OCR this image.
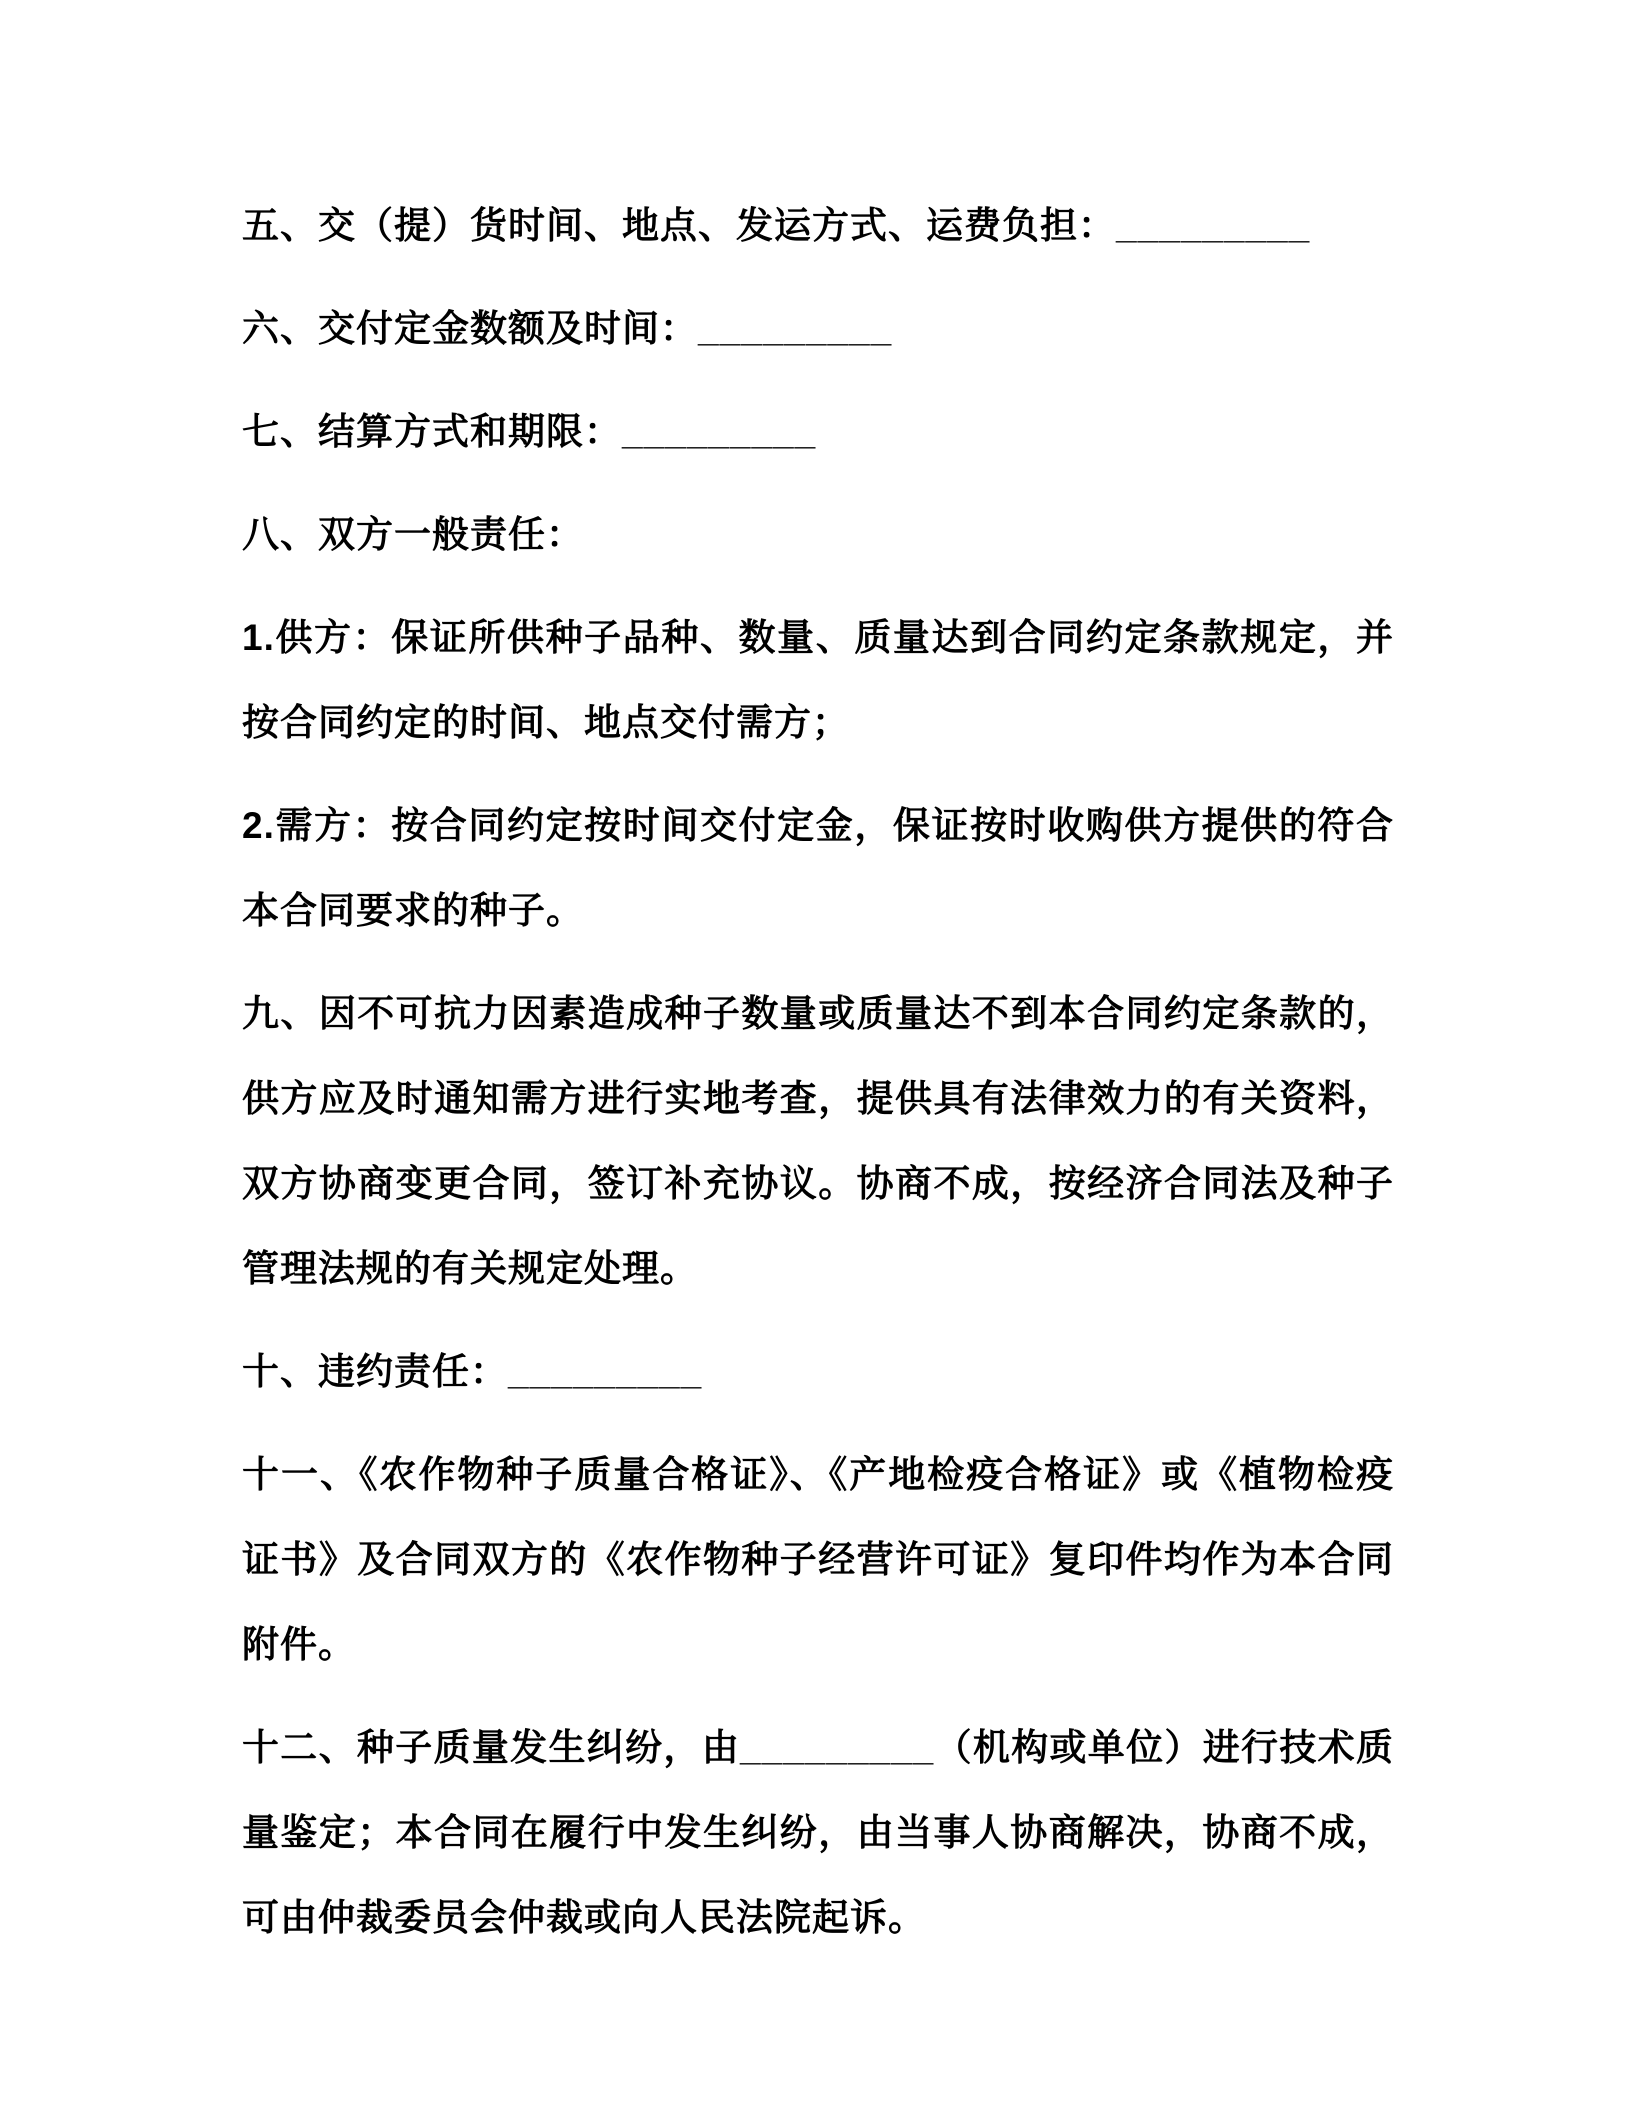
五、交（提）货时间、地点、发运方式、运费负担：_________

六、交付定金数额及时间：_________

七、结算方式和期限：_________

八、双方一般责任：

1.供方：保证所供种子品种、数量、质量达到合同约定条款规定，并按合同约定的时间、地点交付需方；

2.需方：按合同约定按时间交付定金，保证按时收购供方提供的符合本合同要求的种子。

九、因不可抗力因素造成种子数量或质量达不到本合同约定条款的，供方应及时通知需方进行实地考查，提供具有法律效力的有关资料，双方协商变更合同，签订补充协议。协商不成，按经济合同法及种子管理法规的有关规定处理。

十、违约责任：_________

十一、《农作物种子质量合格证》、《产地检疫合格证》或《植物检疫证书》及合同双方的《农作物种子经营许可证》复印件均作为本合同附件。

十二、种子质量发生纠纷，由_________（机构或单位）进行技术质量鉴定；本合同在履行中发生纠纷，由当事人协商解决，协商不成，可由仲裁委员会仲裁或向人民法院起诉。
